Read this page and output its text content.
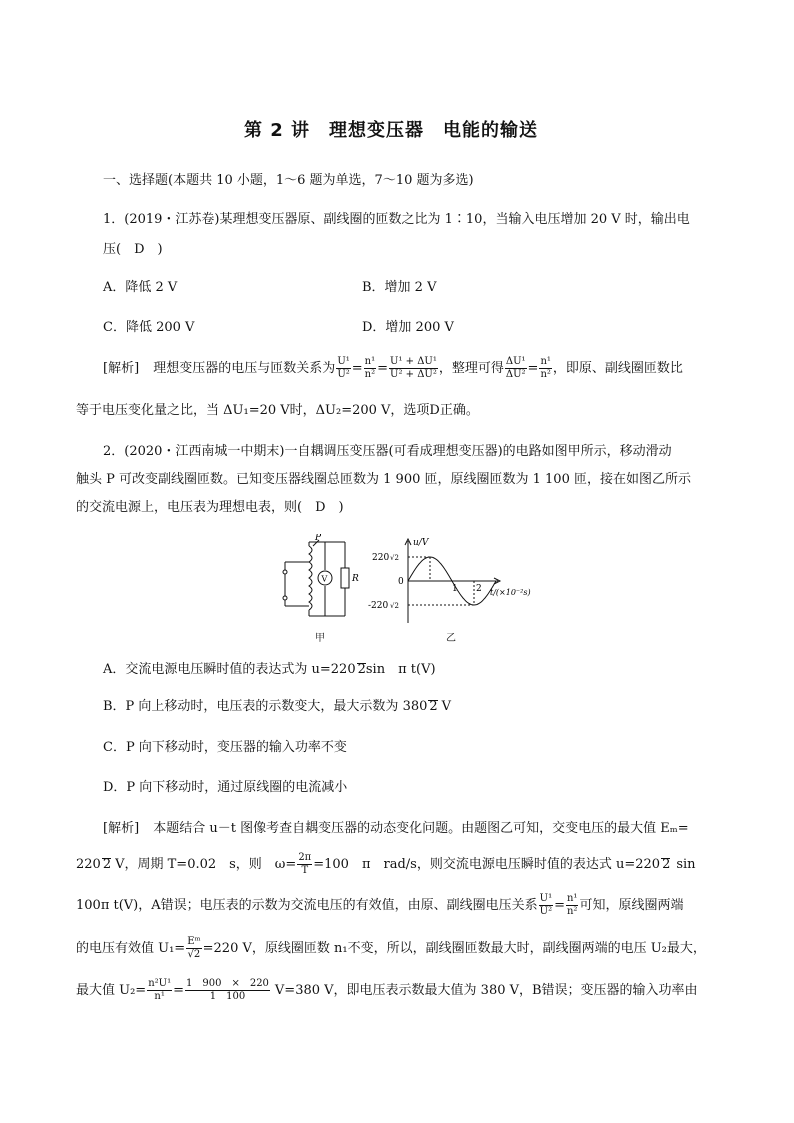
第 2 讲　理想变压器　电能的输送
一、选择题(本题共 10 小题，1～6 题为单选，7～10 题为多选)
1．(2019・江苏卷)某理想变压器原、副线圈的匝数之比为 1∶10，当输入电压增加 20 V 时，输出电
压(　D　)
A．降低 2 V	B．增加 2 V
C．降低 200 V	D．增加 200 V
[解析] 理想变压器的电压与匝数关系为 $\frac{\text{U¹}}{\text{U²}} = \frac{\text{n¹}}{\text{n²}} = \frac{\text{U¹ + ΔU¹}}{\text{U² + ΔU²}}$ ，整理可得 $\frac{\text{ΔU¹}}{\text{ΔU²}} = \frac{\text{n¹}}{\text{n²}}$ ，即原、副线圈匝数比
等于电压变化量之比，当 ΔU₁=20 V时，ΔU₂=200 V，选项D正确。
2．(2020・江西南城一中期末)一自耦调压变压器(可看成理想变压器)的电路如图甲所示，移动滑动
触头 P 可改变副线圈匝数。已知变压器线圈总匝数为 1 900 匝，原线圈匝数为 1 100 匝，接在如图乙所示
的交流电源上，电压表为理想电表，则(　D　)
P
V	R
甲
u/V
220 √2
0
-220 √2
1 2 t/(×10⁻²s)
乙
A．交流电源电压瞬时值的表达式为 u=220 2sin　π t(V)
B．P 向上移动时，电压表的示数变大，最大示数为 380 2 V
C．P 向下移动时，变压器的输入功率不变
D．P 向下移动时，通过原线圈的电流减小
[解析] 本题结合 u－t 图像考查自耦变压器的动态变化问题。由题图乙可知，交变电压的最大值 Eₘ=
220 2 V，周期 T=0.02　s，则　$\omega= \frac{2\pi}{T} =100$　π　rad/s，则交流电源电压瞬时值的表达式 u=220 2 sin
100π t(V)，A错误；电压表的示数为交流电压的有效值，由原、副线圈电压关系 $\frac{\text{U¹}}{\text{U²}} = \frac{\text{n¹}}{\text{n²}}$ 可知，原线圈两端
的电压有效值 $U_1= \frac{\text{Eᵐ}}{√2} =220$ V，原线圈匝数 n₁不变，所以，副线圈匝数最大时，副线圈两端的电压 U₂最大，
最大值 $U_2= \frac{\text{n²U¹}}{\text{n¹}} = \frac{1 900 \times 220}{1 100} V=380$ V，即电压表示数最大值为 380 V，B错误；变压器的输入功率由
